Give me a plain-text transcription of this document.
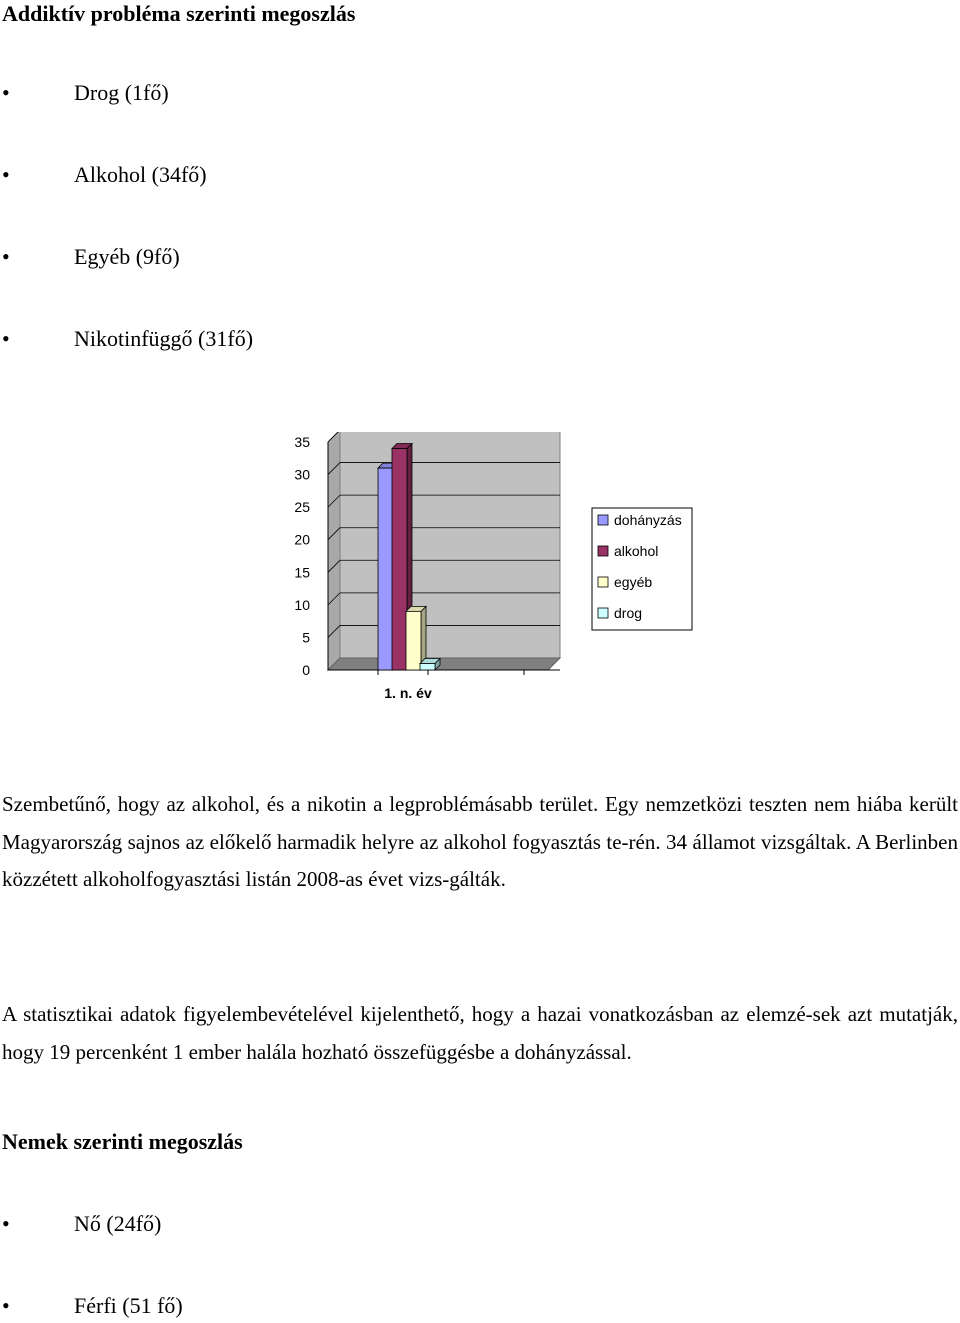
Addiktív probléma szerinti megoszlás
•	Drog (1fő)
•	Alkohol (34fő)
•	Egyéb (9fő)
•	Nikotinfüggő (31fő)
0
5
10
15
20
25
30
35
1. n. év
dohányzás
alkohol
egyéb
drog

Szembetűnő, hogy az alkohol, és a nikotin a legproblémásabb terület. Egy nemzetközi teszten nem hiába került Magyarország sajnos az előkelő harmadik helyre az alkohol fogyasztás te-rén. 34 államot vizsgáltak. A Berlinben közzétett alkoholfogyasztási listán 2008-as évet vizs-gálták.

A statisztikai adatok figyelembevételével kijelenthető, hogy a hazai vonatkozásban az elemzé-sek azt mutatják, hogy 19 percenként 1 ember halála hozható összefüggésbe a dohányzással.

Nemek szerinti megoszlás
•	Nő (24fő)
•	Férfi (51 fő)
